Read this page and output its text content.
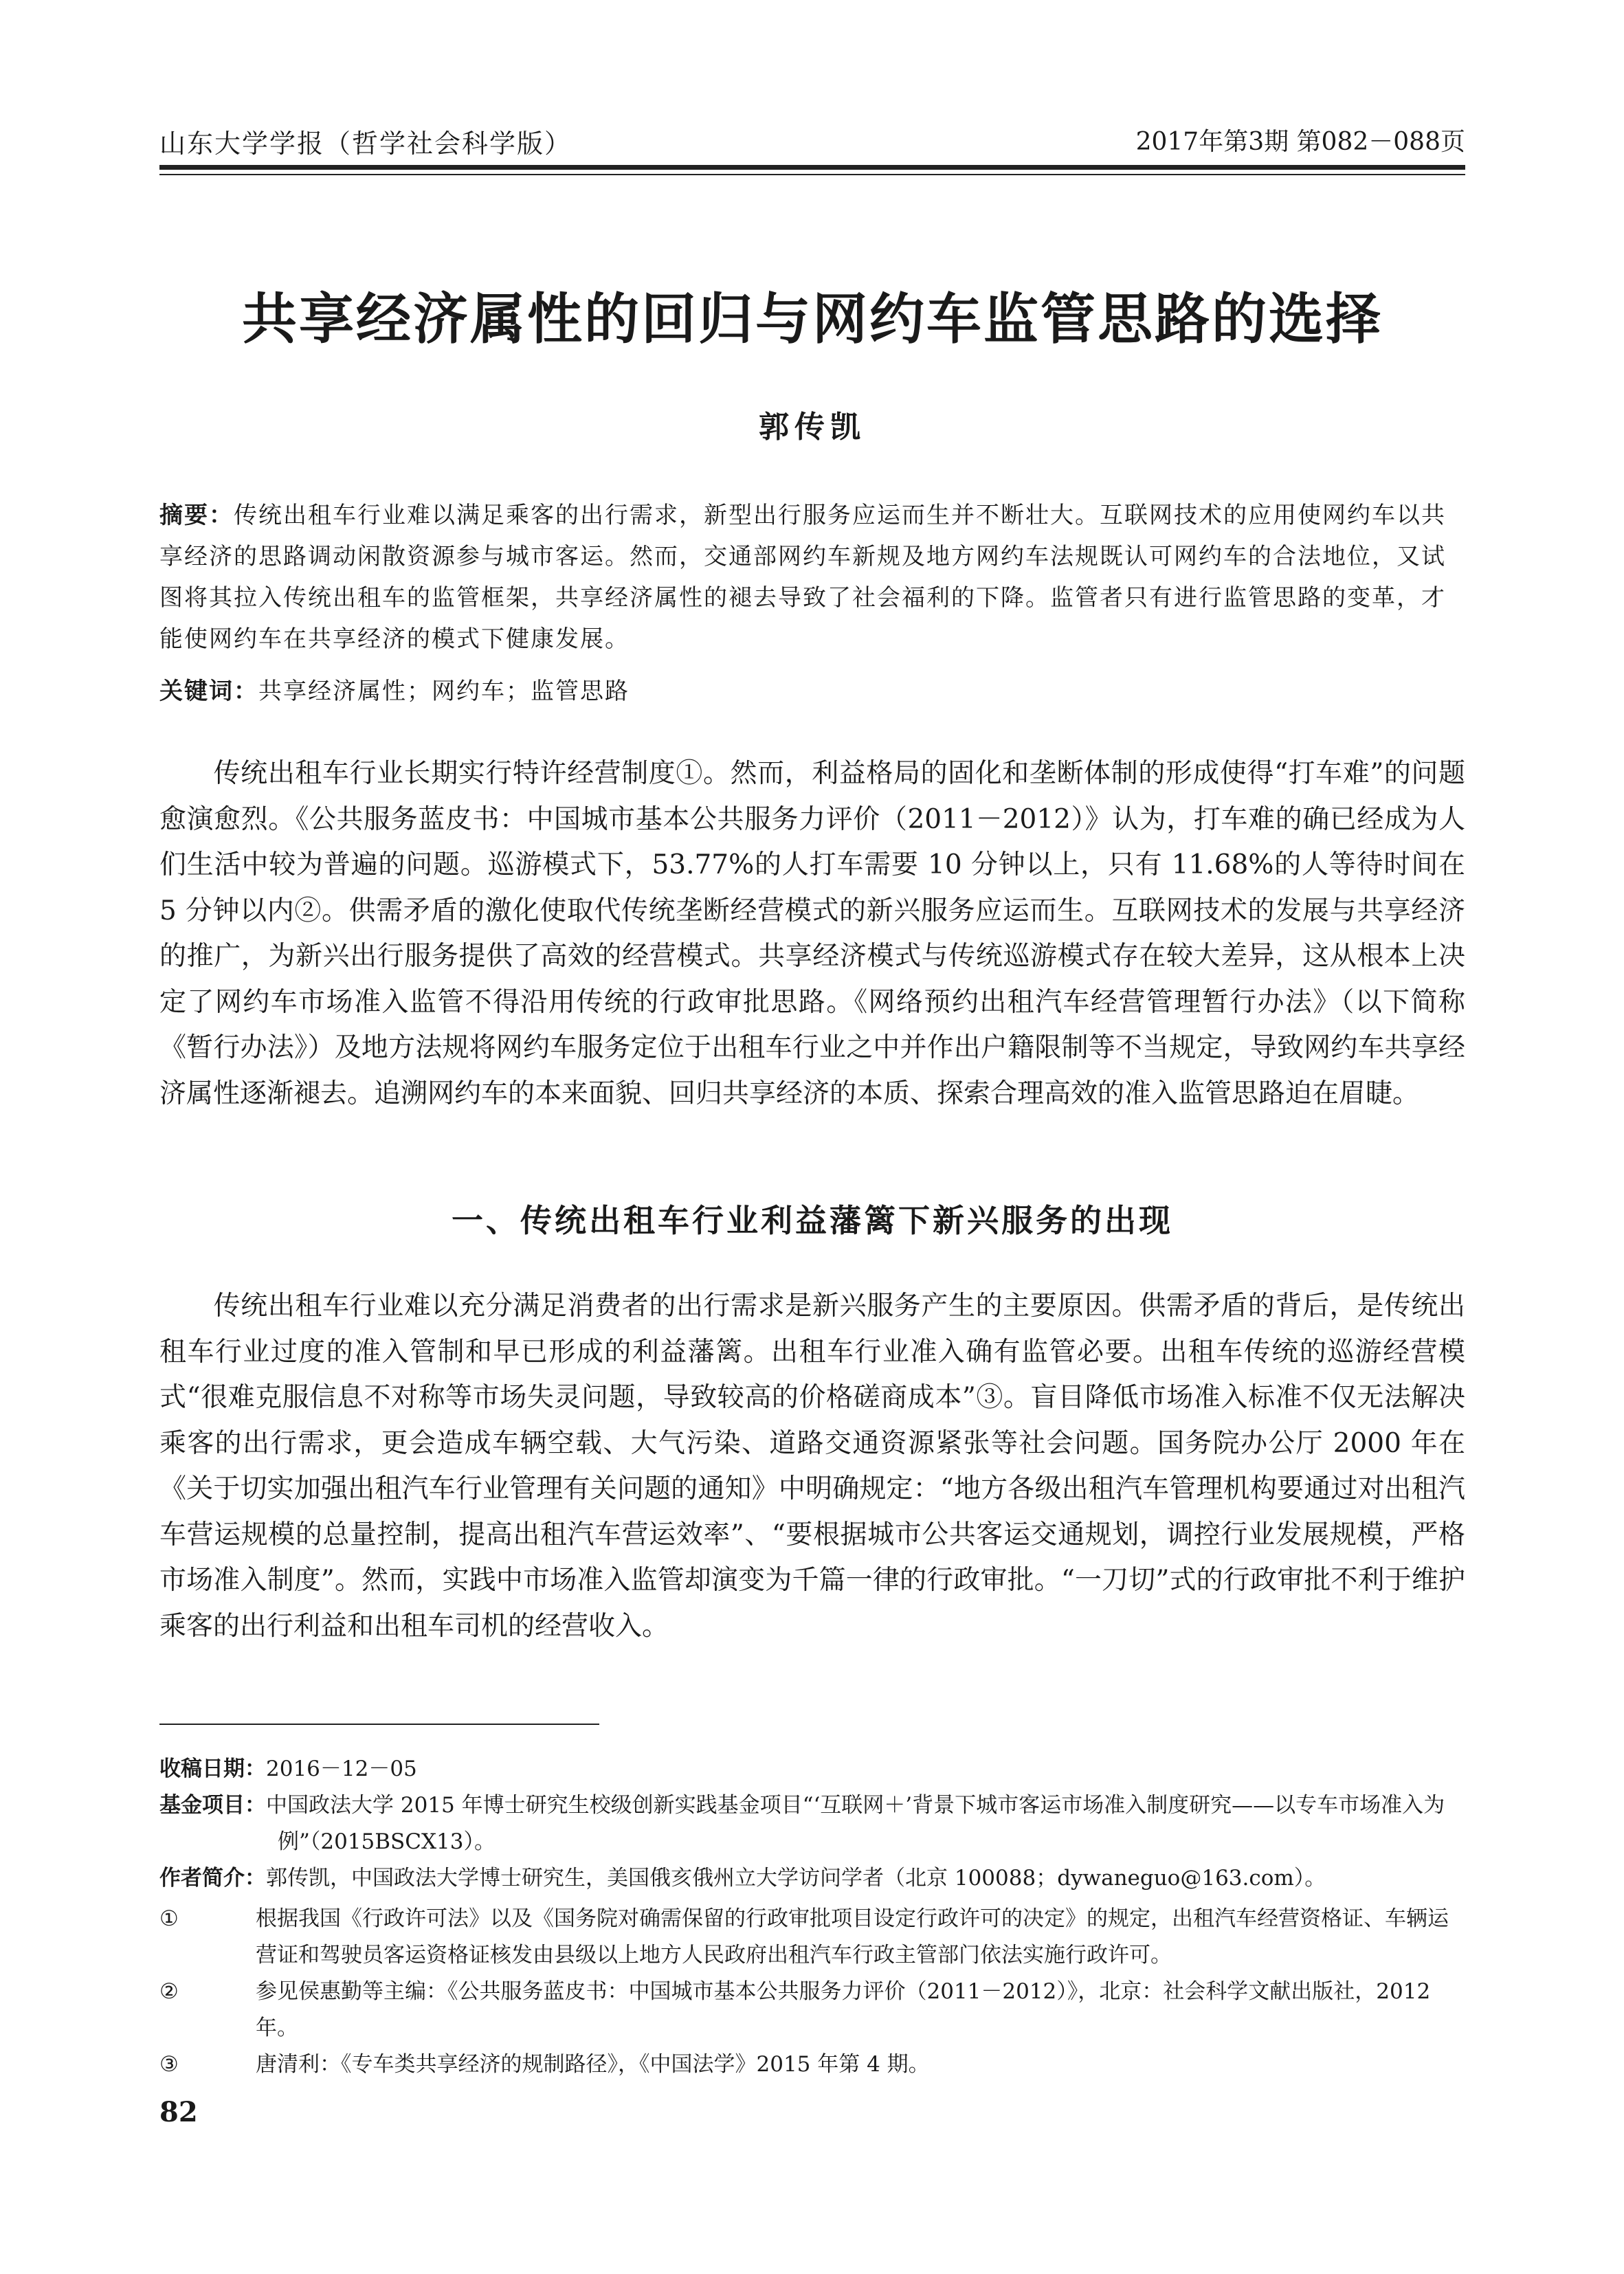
山东大学学报（哲学社会科学版）	2017年第3期 第082－088页
共享经济属性的回归与网约车监管思路的选择
郭传凯
摘要：传统出租车行业难以满足乘客的出行需求，新型出行服务应运而生并不断壮大。互联网技术的应用使网约车以共享经济的思路调动闲散资源参与城市客运。然而，交通部网约车新规及地方网约车法规既认可网约车的合法地位，又试图将其拉入传统出租车的监管框架，共享经济属性的褪去导致了社会福利的下降。监管者只有进行监管思路的变革，才能使网约车在共享经济的模式下健康发展。
关键词：共享经济属性；网约车；监管思路
传统出租车行业长期实行特许经营制度①。然而，利益格局的固化和垄断体制的形成使得“打车难”的问题愈演愈烈。《公共服务蓝皮书：中国城市基本公共服务力评价（2011－2012）》认为，打车难的确已经成为人们生活中较为普遍的问题。巡游模式下，53.77%的人打车需要 10 分钟以上，只有 11.68%的人等待时间在 5 分钟以内②。供需矛盾的激化使取代传统垄断经营模式的新兴服务应运而生。互联网技术的发展与共享经济的推广，为新兴出行服务提供了高效的经营模式。共享经济模式与传统巡游模式存在较大差异，这从根本上决定了网约车市场准入监管不得沿用传统的行政审批思路。《网络预约出租汽车经营管理暂行办法》（以下简称《暂行办法》）及地方法规将网约车服务定位于出租车行业之中并作出户籍限制等不当规定，导致网约车共享经济属性逐渐褪去。追溯网约车的本来面貌、回归共享经济的本质、探索合理高效的准入监管思路迫在眉睫。
一、传统出租车行业利益藩篱下新兴服务的出现
传统出租车行业难以充分满足消费者的出行需求是新兴服务产生的主要原因。供需矛盾的背后，是传统出租车行业过度的准入管制和早已形成的利益藩篱。出租车行业准入确有监管必要。出租车传统的巡游经营模式“很难克服信息不对称等市场失灵问题，导致较高的价格磋商成本”③。盲目降低市场准入标准不仅无法解决乘客的出行需求，更会造成车辆空载、大气污染、道路交通资源紧张等社会问题。国务院办公厅 2000 年在《关于切实加强出租汽车行业管理有关问题的通知》中明确规定：“地方各级出租汽车管理机构要通过对出租汽车营运规模的总量控制，提高出租汽车营运效率”、“要根据城市公共客运交通规划，调控行业发展规模，严格市场准入制度”。然而，实践中市场准入监管却演变为千篇一律的行政审批。“一刀切”式的行政审批不利于维护乘客的出行利益和出租车司机的经营收入。
收稿日期：2016－12－05
基金项目：中国政法大学 2015 年博士研究生校级创新实践基金项目“‘互联网＋’背景下城市客运市场准入制度研究——以专车市场准入为例”（2015BSCX13）。
作者简介：郭传凯，中国政法大学博士研究生，美国俄亥俄州立大学访问学者（北京 100088；dywaneguo@163.com）。
①	根据我国《行政许可法》以及《国务院对确需保留的行政审批项目设定行政许可的决定》的规定，出租汽车经营资格证、车辆运营证和驾驶员客运资格证核发由县级以上地方人民政府出租汽车行政主管部门依法实施行政许可。
②	参见侯惠勤等主编：《公共服务蓝皮书：中国城市基本公共服务力评价（2011－2012）》，北京：社会科学文献出版社，2012 年。
③	唐清利：《专车类共享经济的规制路径》，《中国法学》2015 年第 4 期。
82
